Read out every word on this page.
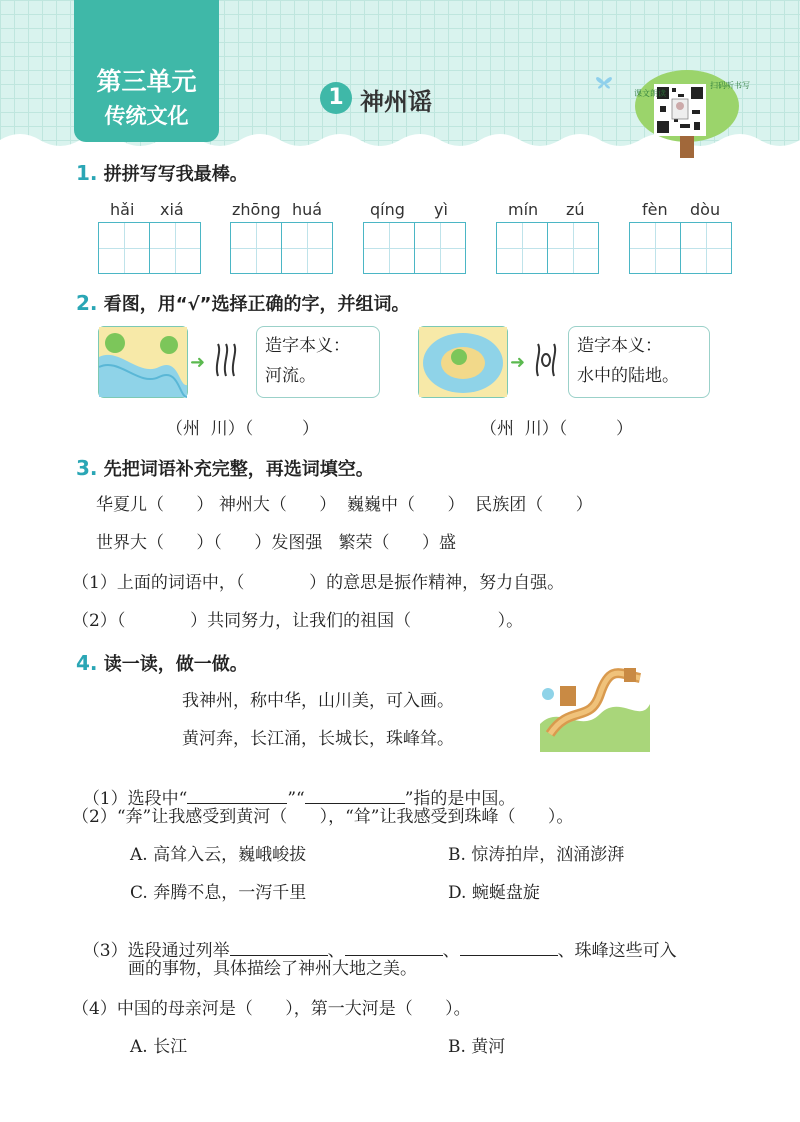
第三单元
传统文化
1 神州谣	课文朗读
扫码听书写
1. 拼拼写写我最棒。
hǎi xiá	zhōng huá	qíng yì	mín zú	fèn dòu
2. 看图，用“√”选择正确的字，并组词。
➜
造字本义：
河流。
➜
造字本义：
水中的陆地。
（州  川）（         ）	（州  川）（         ）
3. 先把词语补充完整，再选词填空。
华夏儿（      ） 神州大（      ）  巍巍中（      ）  民族团（      ）
世界大（      ）（      ）发图强   繁荣（      ）盛
（1）上面的词语中，（            ）的意思是振作精神，努力自强。
（2）（            ）共同努力，让我们的祖国（                ）。
4. 读一读，做一做。
我神州，称中华，山川美，可入画。
黄河奔，长江涌，长城长，珠峰耸。

（1）选段中“	”“	”指的是中国。

（2）“奔”让我感受到黄河（      ），“耸”让我感受到珠峰（      ）。
A. 高耸入云，巍峨峻拔	B. 惊涛拍岸，汹涌澎湃
C. 奔腾不息，一泻千里	D. 蜿蜒盘旋

（3）选段通过列举	、	、	、珠峰这些可入

画的事物，具体描绘了神州大地之美。
（4）中国的母亲河是（      ），第一大河是（      ）。
A. 长江	B. 黄河
